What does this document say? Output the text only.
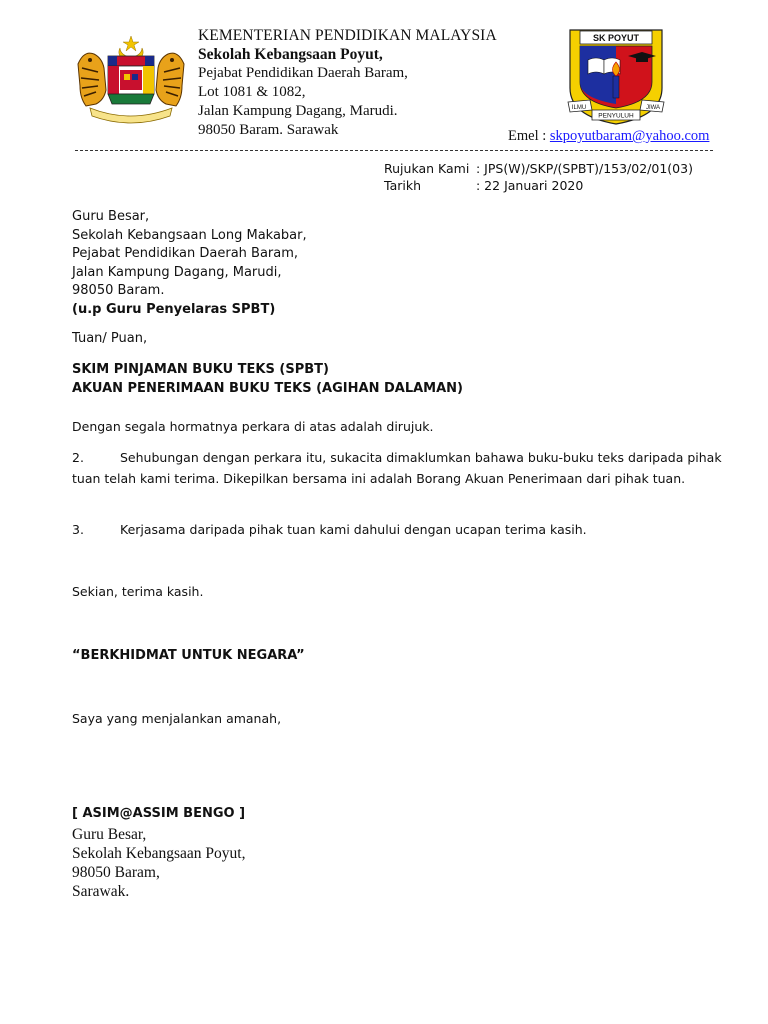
KEMENTERIAN PENDIDIKAN MALAYSIA
Sekolah Kebangsaan Poyut,
Pejabat Pendidikan Daerah Baram,
Lot 1081 & 1082,
Jalan Kampung Dagang, Marudi.
98050 Baram. Sarawak
SK POYUT
ILMU	JIWA
PENYULUH
Emel : skpoyutbaram@yahoo.com
Rujukan Kami : JPS(W)/SKP/(SPBT)/153/02/01(03)
Tarikh	: 22 Januari 2020
Guru Besar,
Sekolah Kebangsaan Long Makabar,
Pejabat Pendidikan Daerah Baram,
Jalan Kampung Dagang, Marudi,
98050 Baram.
(u.p Guru Penyelaras SPBT)
Tuan/ Puan,
SKIM PINJAMAN BUKU TEKS (SPBT)
AKUAN PENERIMAAN BUKU TEKS (AGIHAN DALAMAN)
Dengan segala hormatnya perkara di atas adalah dirujuk.
2.	Sehubungan dengan perkara itu, sukacita dimaklumkan bahawa buku-buku teks daripada pihak tuan telah kami terima. Dikepilkan bersama ini adalah Borang Akuan Penerimaan dari pihak tuan.
3.	Kerjasama daripada pihak tuan kami dahului dengan ucapan terima kasih.
Sekian, terima kasih.
“BERKHIDMAT UNTUK NEGARA”
Saya yang menjalankan amanah,
[ ASIM@ASSIM BENGO ]
Guru Besar,
Sekolah Kebangsaan Poyut,
98050 Baram,
Sarawak.
